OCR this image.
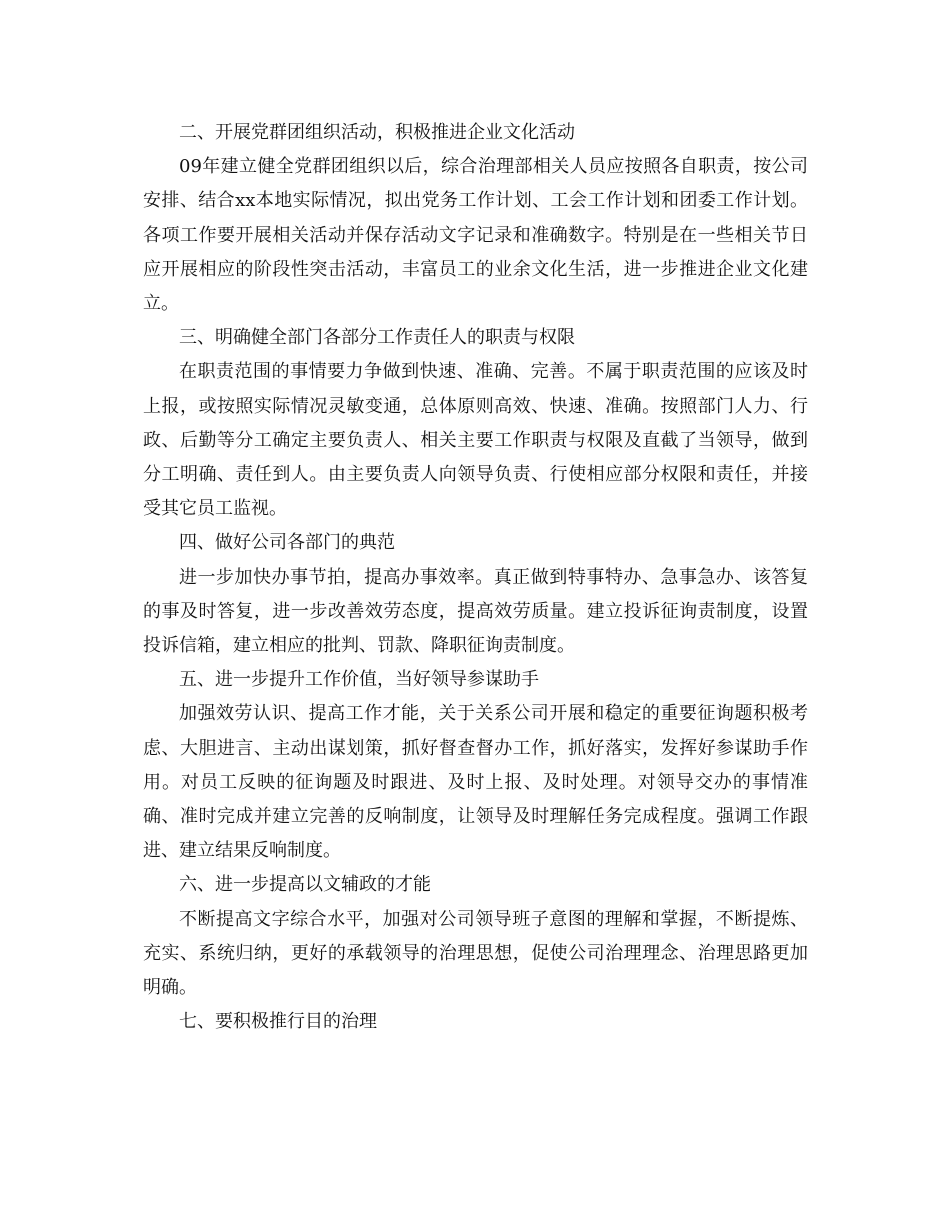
二、开展党群团组织活动，积极推进企业文化活动

09年建立健全党群团组织以后，综合治理部相关人员应按照各自职责，按公司安排、结合xx本地实际情况，拟出党务工作计划、工会工作计划和团委工作计划。各项工作要开展相关活动并保存活动文字记录和准确数字。特别是在一些相关节日应开展相应的阶段性突击活动，丰富员工的业余文化生活，进一步推进企业文化建立。

三、明确健全部门各部分工作责任人的职责与权限

在职责范围的事情要力争做到快速、准确、完善。不属于职责范围的应该及时上报，或按照实际情况灵敏变通，总体原则高效、快速、准确。按照部门人力、行政、后勤等分工确定主要负责人、相关主要工作职责与权限及直截了当领导，做到分工明确、责任到人。由主要负责人向领导负责、行使相应部分权限和责任，并接受其它员工监视。

四、做好公司各部门的典范

进一步加快办事节拍，提高办事效率。真正做到特事特办、急事急办、该答复的事及时答复，进一步改善效劳态度，提高效劳质量。建立投诉征询责制度，设置投诉信箱，建立相应的批判、罚款、降职征询责制度。

五、进一步提升工作价值，当好领导参谋助手

加强效劳认识、提高工作才能，关于关系公司开展和稳定的重要征询题积极考虑、大胆进言、主动出谋划策，抓好督查督办工作，抓好落实，发挥好参谋助手作用。对员工反映的征询题及时跟进、及时上报、及时处理。对领导交办的事情准确、准时完成并建立完善的反响制度，让领导及时理解任务完成程度。强调工作跟进、建立结果反响制度。

六、进一步提高以文辅政的才能

不断提高文字综合水平，加强对公司领导班子意图的理解和掌握，不断提炼、充实、系统归纳，更好的承载领导的治理思想，促使公司治理理念、治理思路更加明确。

七、要积极推行目的治理
